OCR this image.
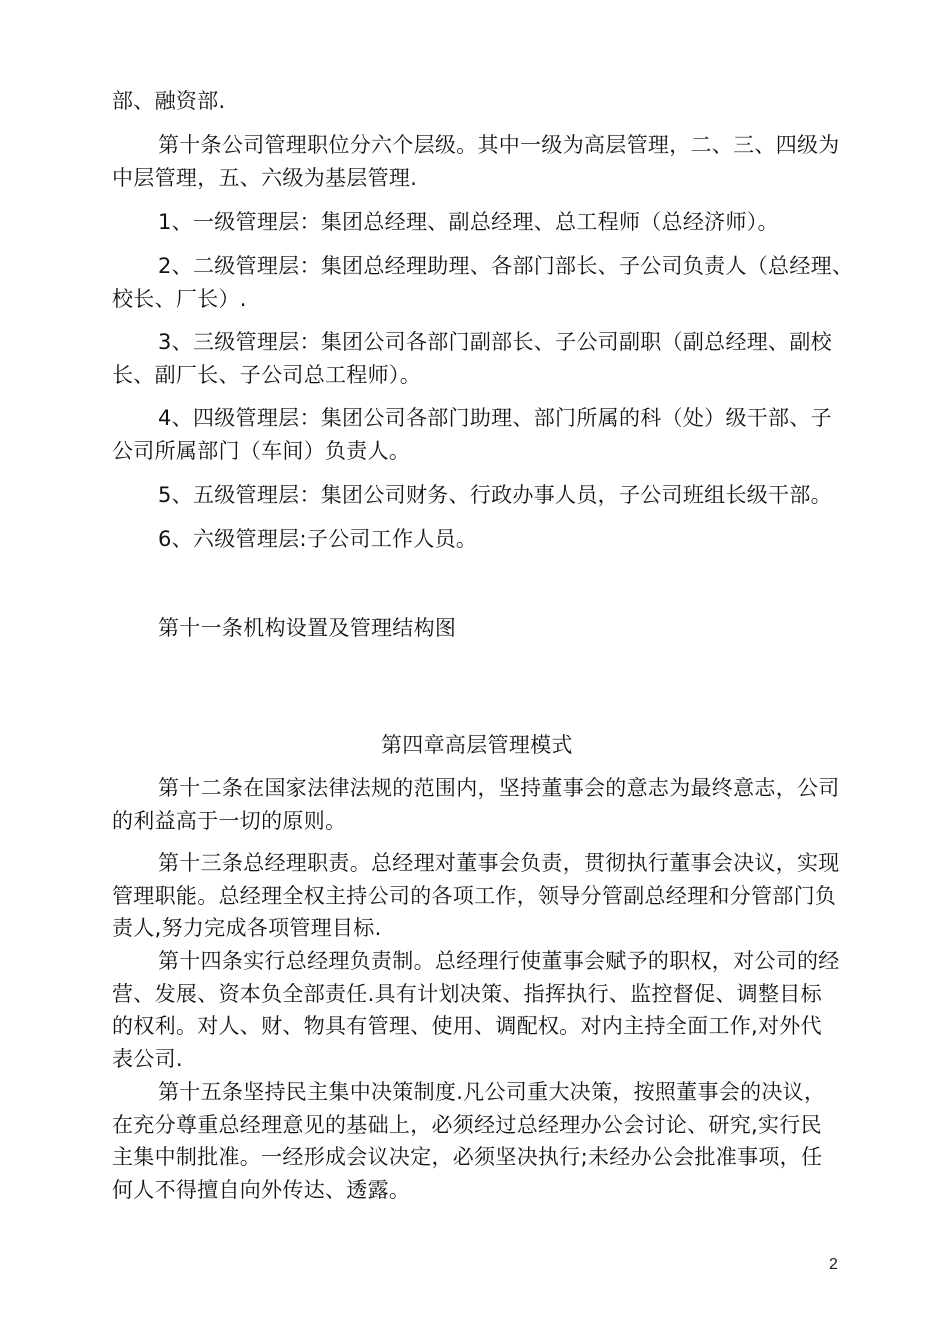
部、融资部.
第十条公司管理职位分六个层级。其中一级为高层管理，二、三、四级为
中层管理，五、六级为基层管理.
1、一级管理层：集团总经理、副总经理、总工程师（总经济师）。
2、二级管理层：集团总经理助理、各部门部长、子公司负责人（总经理、
校长、厂长）.
3、三级管理层：集团公司各部门副部长、子公司副职（副总经理、副校
长、副厂长、子公司总工程师）。
4、四级管理层：集团公司各部门助理、部门所属的科（处）级干部、子
公司所属部门（车间）负责人。
5、五级管理层：集团公司财务、行政办事人员，子公司班组长级干部。
6、六级管理层:子公司工作人员。
第十一条机构设置及管理结构图
第四章高层管理模式
第十二条在国家法律法规的范围内，坚持董事会的意志为最终意志，公司
的利益高于一切的原则。
第十三条总经理职责。总经理对董事会负责，贯彻执行董事会决议，实现
管理职能。总经理全权主持公司的各项工作，领导分管副总经理和分管部门负
责人,努力完成各项管理目标.
第十四条实行总经理负责制。总经理行使董事会赋予的职权，对公司的经
营、发展、资本负全部责任.具有计划决策、指挥执行、监控督促、调整目标
的权利。对人、财、物具有管理、使用、调配权。对内主持全面工作,对外代
表公司.
第十五条坚持民主集中决策制度.凡公司重大决策，按照董事会的决议，
在充分尊重总经理意见的基础上，必须经过总经理办公会讨论、研究,实行民
主集中制批准。一经形成会议决定，必须坚决执行;未经办公会批准事项，任
何人不得擅自向外传达、透露。
2
